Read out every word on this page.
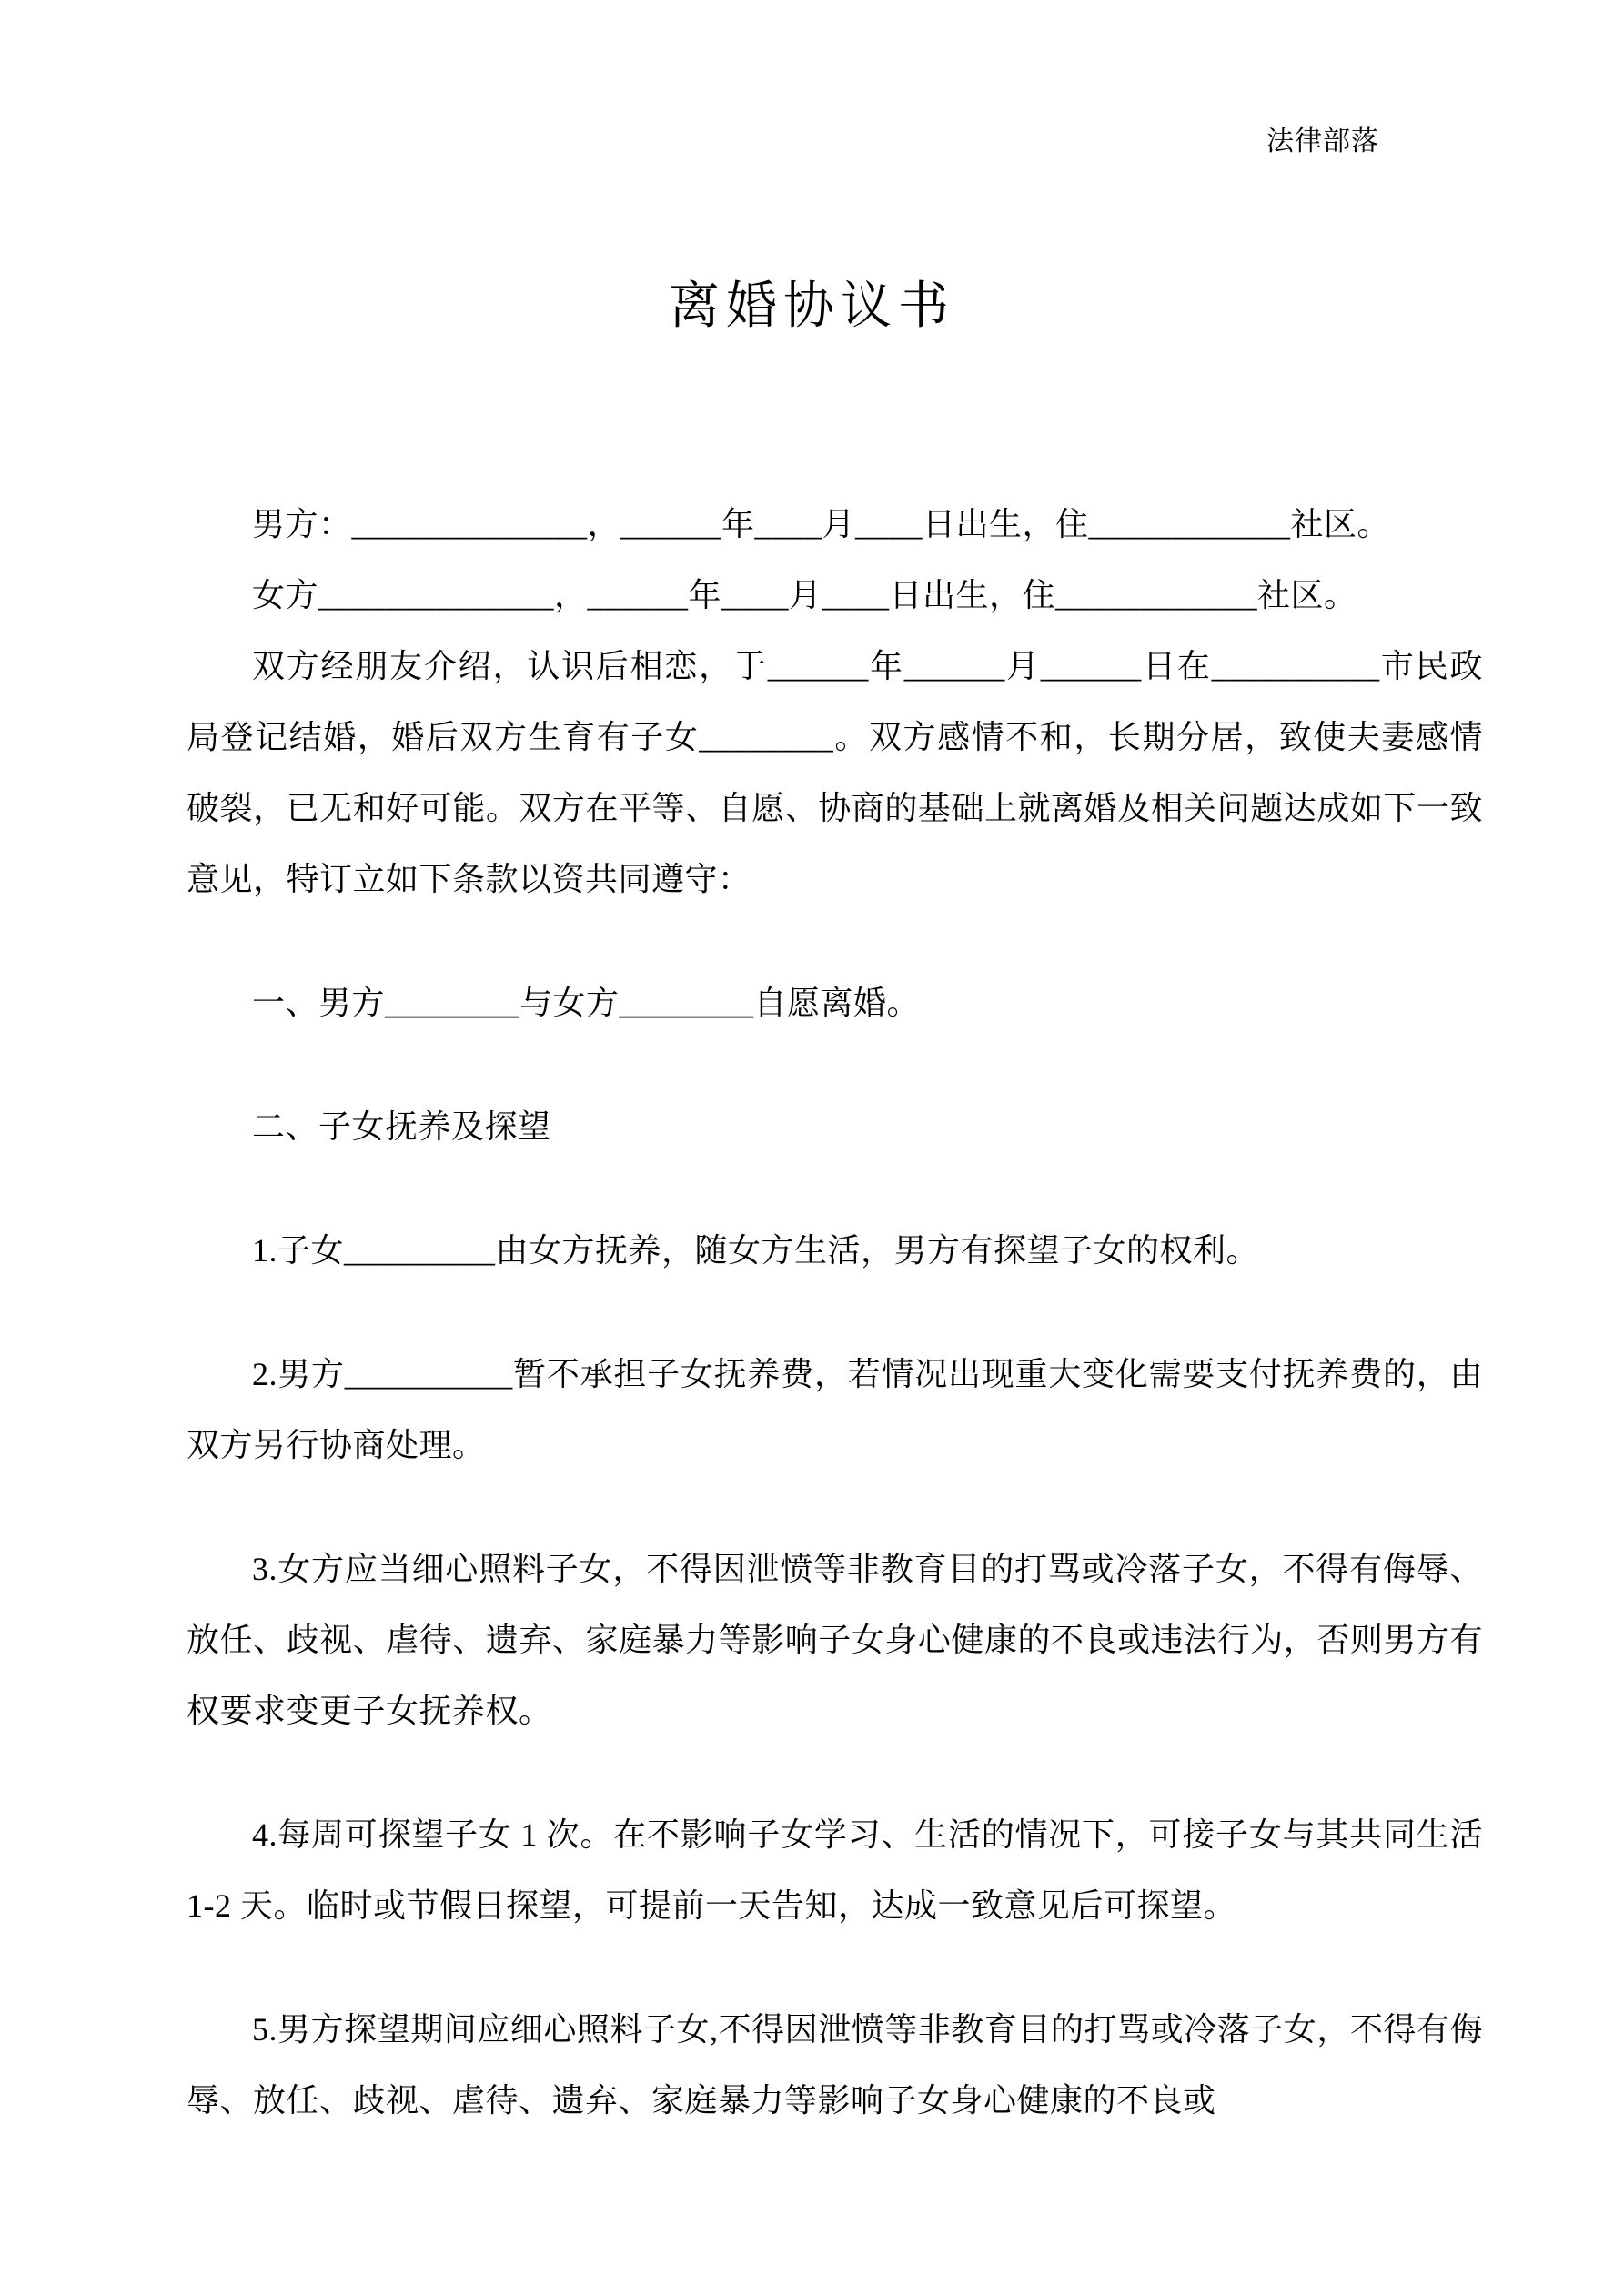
法律部落
离婚协议书

男方：______________，______年____月____日出生，住____________社区。

女方______________，______年____月____日出生，住____________社区。

双方经朋友介绍，认识后相恋，于______年______月______日在__________市民政局登记结婚，婚后双方生育有子女________。双方感情不和，长期分居，致使夫妻感情破裂，已无和好可能。双方在平等、自愿、协商的基础上就离婚及相关问题达成如下一致意见，特订立如下条款以资共同遵守：

一、男方________与女方________自愿离婚。

二、子女抚养及探望

1.子女_________由女方抚养，随女方生活，男方有探望子女的权利。

2.男方__________暂不承担子女抚养费，若情况出现重大变化需要支付抚养费的，由双方另行协商处理。

3.女方应当细心照料子女，不得因泄愤等非教育目的打骂或冷落子女，不得有侮辱、放任、歧视、虐待、遗弃、家庭暴力等影响子女身心健康的不良或违法行为，否则男方有权要求变更子女抚养权。

4.每周可探望子女 1 次。在不影响子女学习、生活的情况下，可接子女与其共同生活 1-2 天。临时或节假日探望，可提前一天告知，达成一致意见后可探望。

5.男方探望期间应细心照料子女,不得因泄愤等非教育目的打骂或冷落子女，不得有侮辱、放任、歧视、虐待、遗弃、家庭暴力等影响子女身心健康的不良或
